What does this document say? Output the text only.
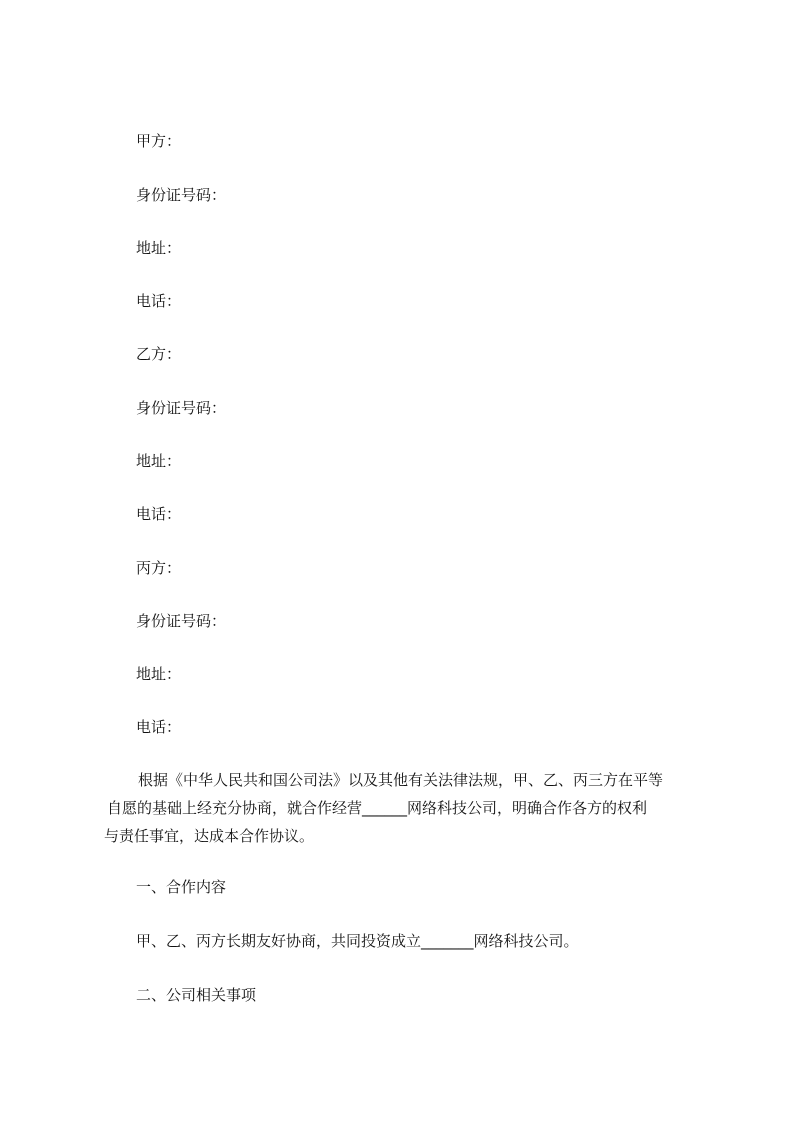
甲方：
身份证号码：
地址：
电话：
乙方：
身份证号码：
地址：
电话：
丙方：
身份证号码：
地址：
电话：
根据《中华人民共和国公司法》以及其他有关法律法规，甲、乙、丙三方在平等
自愿的基础上经充分协商，就合作经营______网络科技公司，明确合作各方的权利
与责任事宜，达成本合作协议。
一、合作内容
甲、乙、丙方长期友好协商，共同投资成立_______网络科技公司。
二、公司相关事项
